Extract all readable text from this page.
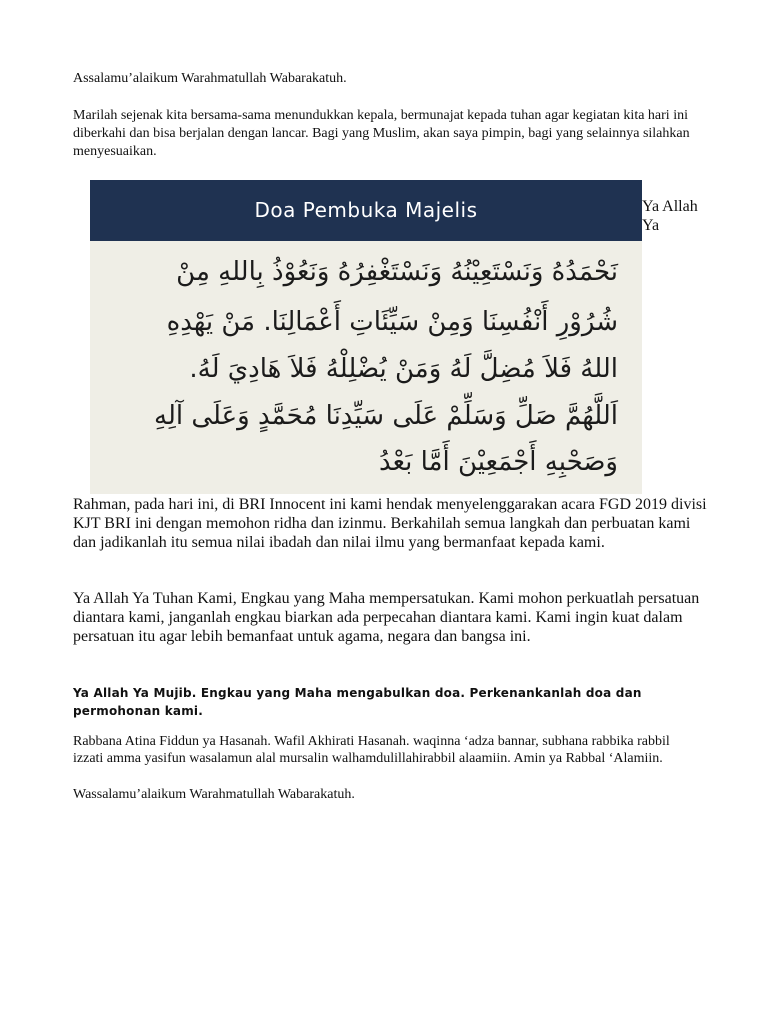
Assalamu’alaikum Warahmatullah Wabarakatuh.

Marilah sejenak kita bersama-sama menundukkan kepala, bermunajat kepada tuhan agar kegiatan kita hari ini diberkahi dan bisa berjalan dengan lancar. Bagi yang Muslim, akan saya pimpin, bagi yang selainnya silahkan menyesuaikan.

Doa Pembuka Majelis
نَحْمَدُهُ وَنَسْتَعِيْنُهُ وَنَسْتَغْفِرُهُ وَنَعُوْذُ بِاللهِ مِنْ
شُرُوْرِ أَنْفُسِنَا وَمِنْ سَيِّئَاتِ أَعْمَالِنَا. مَنْ يَهْدِهِ
اللهُ فَلاَ مُضِلَّ لَهُ وَمَنْ يُضْلِلْهُ فَلاَ هَادِيَ لَهُ.
اَللَّهُمَّ صَلِّ وَسَلِّمْ عَلَى سَيِّدِنَا مُحَمَّدٍ وَعَلَى آلِهِ
وَصَحْبِهِ أَجْمَعِيْنَ أَمَّا بَعْدُ

Ya Allah Ya

Rahman, pada hari ini, di BRI Innocent ini kami hendak menyelenggarakan acara FGD 2019 divisi KJT BRI ini dengan memohon ridha dan izinmu. Berkahilah semua langkah dan perbuatan kami dan jadikanlah itu semua nilai ibadah dan nilai ilmu yang bermanfaat kepada kami.

Ya Allah Ya Tuhan Kami, Engkau yang Maha mempersatukan. Kami mohon perkuatlah persatuan diantara kami, janganlah engkau biarkan ada perpecahan diantara kami. Kami ingin kuat dalam persatuan itu agar lebih bemanfaat untuk agama, negara dan bangsa ini.

Ya Allah Ya Mujib. Engkau yang Maha mengabulkan doa. Perkenankanlah doa dan permohonan kami.

Rabbana Atina Fiddun ya Hasanah. Wafil Akhirati Hasanah. waqinna ‘adza bannar, subhana rabbika rabbil izzati amma yasifun wasalamun alal mursalin walhamdulillahirabbil alaamiin. Amin ya Rabbal ‘Alamiin.

Wassalamu’alaikum Warahmatullah Wabarakatuh.
